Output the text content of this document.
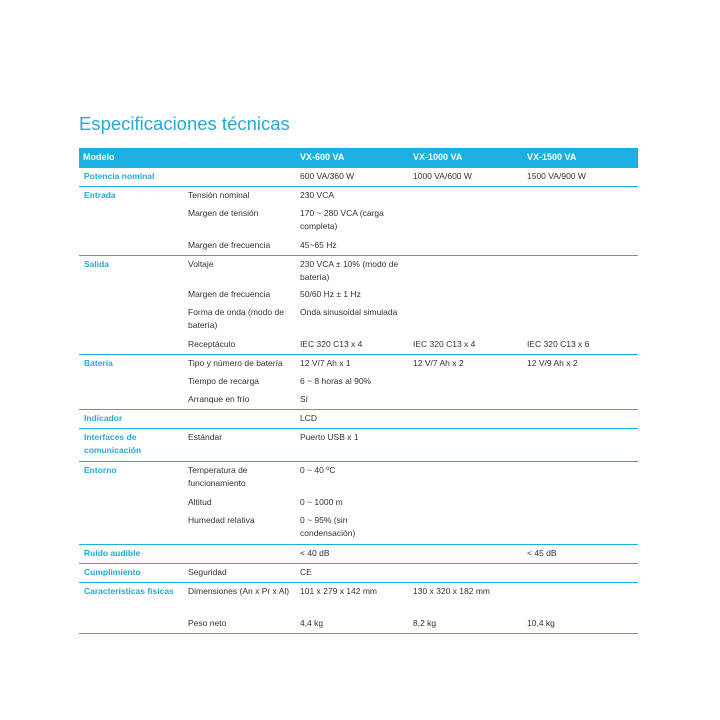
Especificaciones técnicas
Modelo		VX-600 VA	VX-1000 VA	VX-1500 VA
Potencia nominal		600 VA/360 W	1000 VA/600 W	1500 VA/900 W
Entrada	Tensión nominal	230 VCA		
	Margen de tensión	170 ~ 280 VCA (carga completa)		
	Margen de frecuencia	45~65 Hz		
Salida	Voltaje	230 VCA ± 10% (modo de batería)		
	Margen de frecuencia	50/60 Hz ± 1 Hz		
	Forma de onda (modo de batería)	Onda sinusoidal simulada		
	Receptáculo	IEC 320 C13 x 4	IEC 320 C13 x 4	IEC 320 C13 x 6
Batería	Tipo y número de batería	12 V/7 Ah x 1	12 V/7 Ah x 2	12 V/9 Ah x 2
	Tiempo de recarga	6 ~ 8 horas al 90%		
	Arranque en frío	Sí		
Indicador		LCD		
Interfaces de comunicación	Estándar	Puerto USB x 1		
Entorno	Temperatura de funcionamiento	0 ~ 40 ºC		
	Altitud	0 ~ 1000 m		
	Humedad relativa	0 ~ 95% (sin condensación)		
Ruido audible		< 40 dB		< 45 dB
Cumplimiento	Seguridad	CE		
Características físicas	Dimensiones (An x Pr x Al)	101 x 279 x 142 mm	130 x 320 x 182 mm	
	Peso neto	4,4 kg	8,2 kg	10,4 kg
